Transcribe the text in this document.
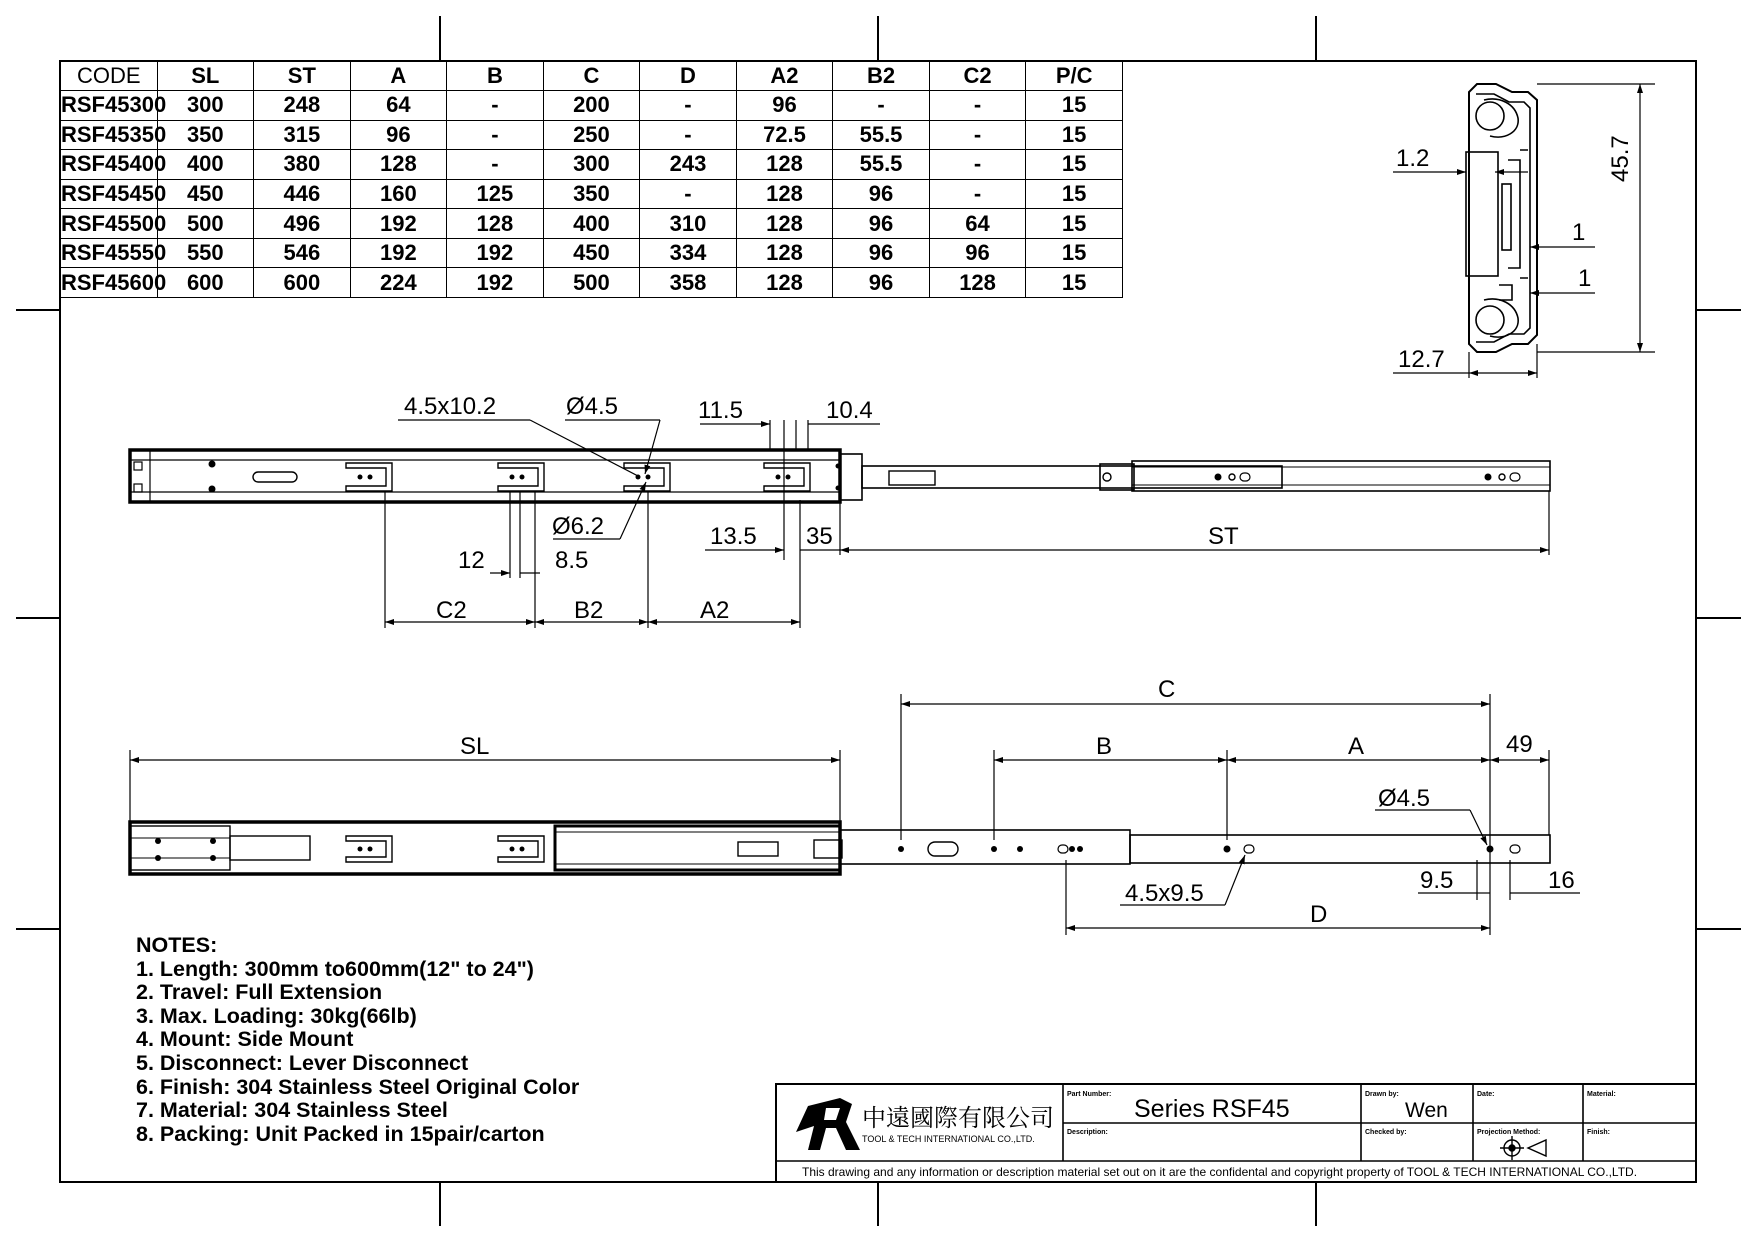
1.2	45.7
1
1
12.7
4.5x10.2	Ø4.5	11.5	10.4
Ø6.2
12	8.5
13.5 35	ST
C2	B2	A2
C
SL	B	A	49
Ø4.5
9.5	16
4.5x9.5
D
中遠國際有限公司
TOOL & TECH INTERNATIONAL CO.,LTD.
Part Number:
Series RSF45
Description:
Drawn by:
Wen
Checked by:
Date:
Projection Method:
Material:
Finish:
This drawing and any information or description material set out on it are the confidental and copyright property of TOOL & TECH INTERNATIONAL CO.,LTD.
CODE	SL	ST	A	B	C	D	A2	B2	C2	P/C
RSF45300	300	248	64	-	200	-	96	-	-	15
RSF45350	350	315	96	-	250	-	72.5	55.5	-	15
RSF45400	400	380	128	-	300	243	128	55.5	-	15
RSF45450	450	446	160	125	350	-	128	96	-	15
RSF45500	500	496	192	128	400	310	128	96	64	15
RSF45550	550	546	192	192	450	334	128	96	96	15
RSF45600	600	600	224	192	500	358	128	96	128	15
NOTES:
1. Length: 300mm to600mm(12" to 24")
2. Travel: Full Extension
3. Max. Loading: 30kg(66lb)
4. Mount: Side Mount
5. Disconnect: Lever Disconnect
6. Finish: 304 Stainless Steel Original Color
7. Material: 304 Stainless Steel
8. Packing: Unit Packed in 15pair/carton
